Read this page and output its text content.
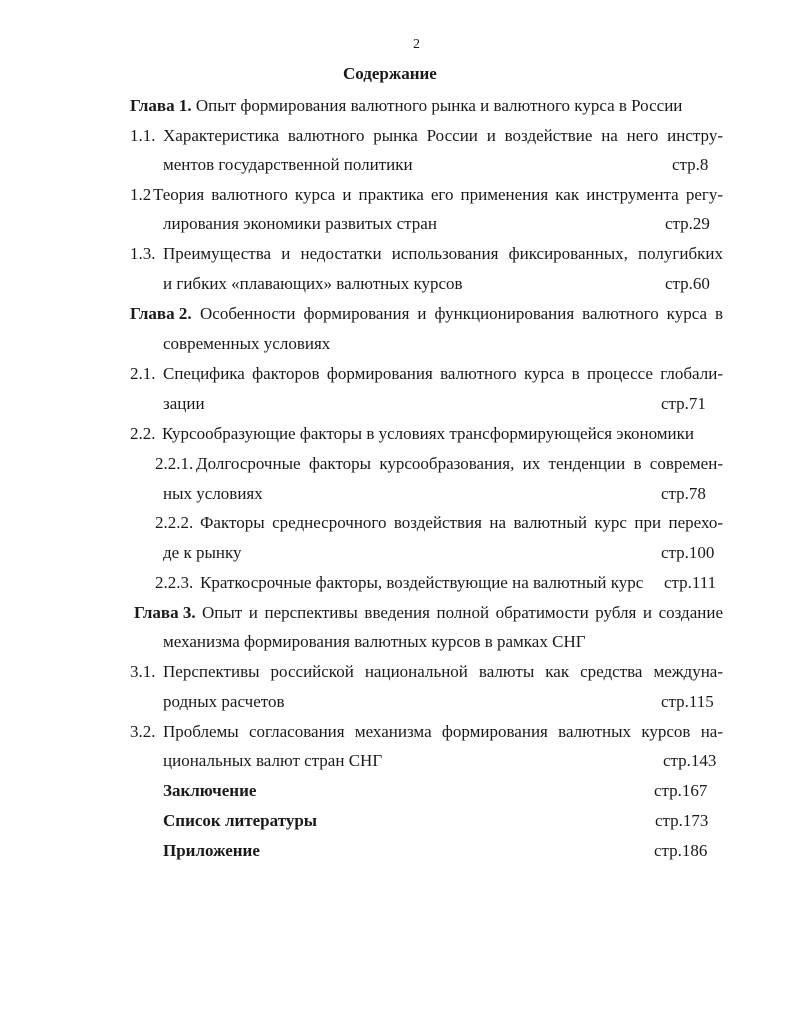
2
Содержание
Глава 1. Опыт формирования валютного рынка и валютного курса в России
1.1. Характеристика валютного рынка России и воздействие на него инстру-
ментов государственной политики	стр.8
1.2 Теория валютного курса и практика его применения как инструмента регу-
лирования экономики развитых стран	стр.29
1.3. Преимущества и недостатки использования фиксированных, полугибких
и гибких «плавающих» валютных курсов	стр.60
Глава 2. Особенности формирования и функционирования валютного курса в
современных условиях
2.1. Специфика факторов формирования валютного курса в процессе глобали-
зации	стр.71
2.2. Курсообразующие факторы в условиях трансформирующейся экономики
2.2.1. Долгосрочные факторы курсообразования, их тенденции в современ-
ных условиях	стр.78
2.2.2. Факторы среднесрочного воздействия на валютный курс при перехо-
де к рынку	стр.100
2.2.3. Краткосрочные факторы, воздействующие на валютный курс стр.111
Глава 3. Опыт и перспективы введения полной обратимости рубля и создание
механизма формирования валютных курсов в рамках СНГ
3.1. Перспективы российской национальной валюты как средства междуна-
родных расчетов	стр.115
3.2. Проблемы согласования механизма формирования валютных курсов на-
циональных валют стран СНГ	стр.143
Заключение	стр.167
Список литературы	стр.173
Приложение	стр.186
